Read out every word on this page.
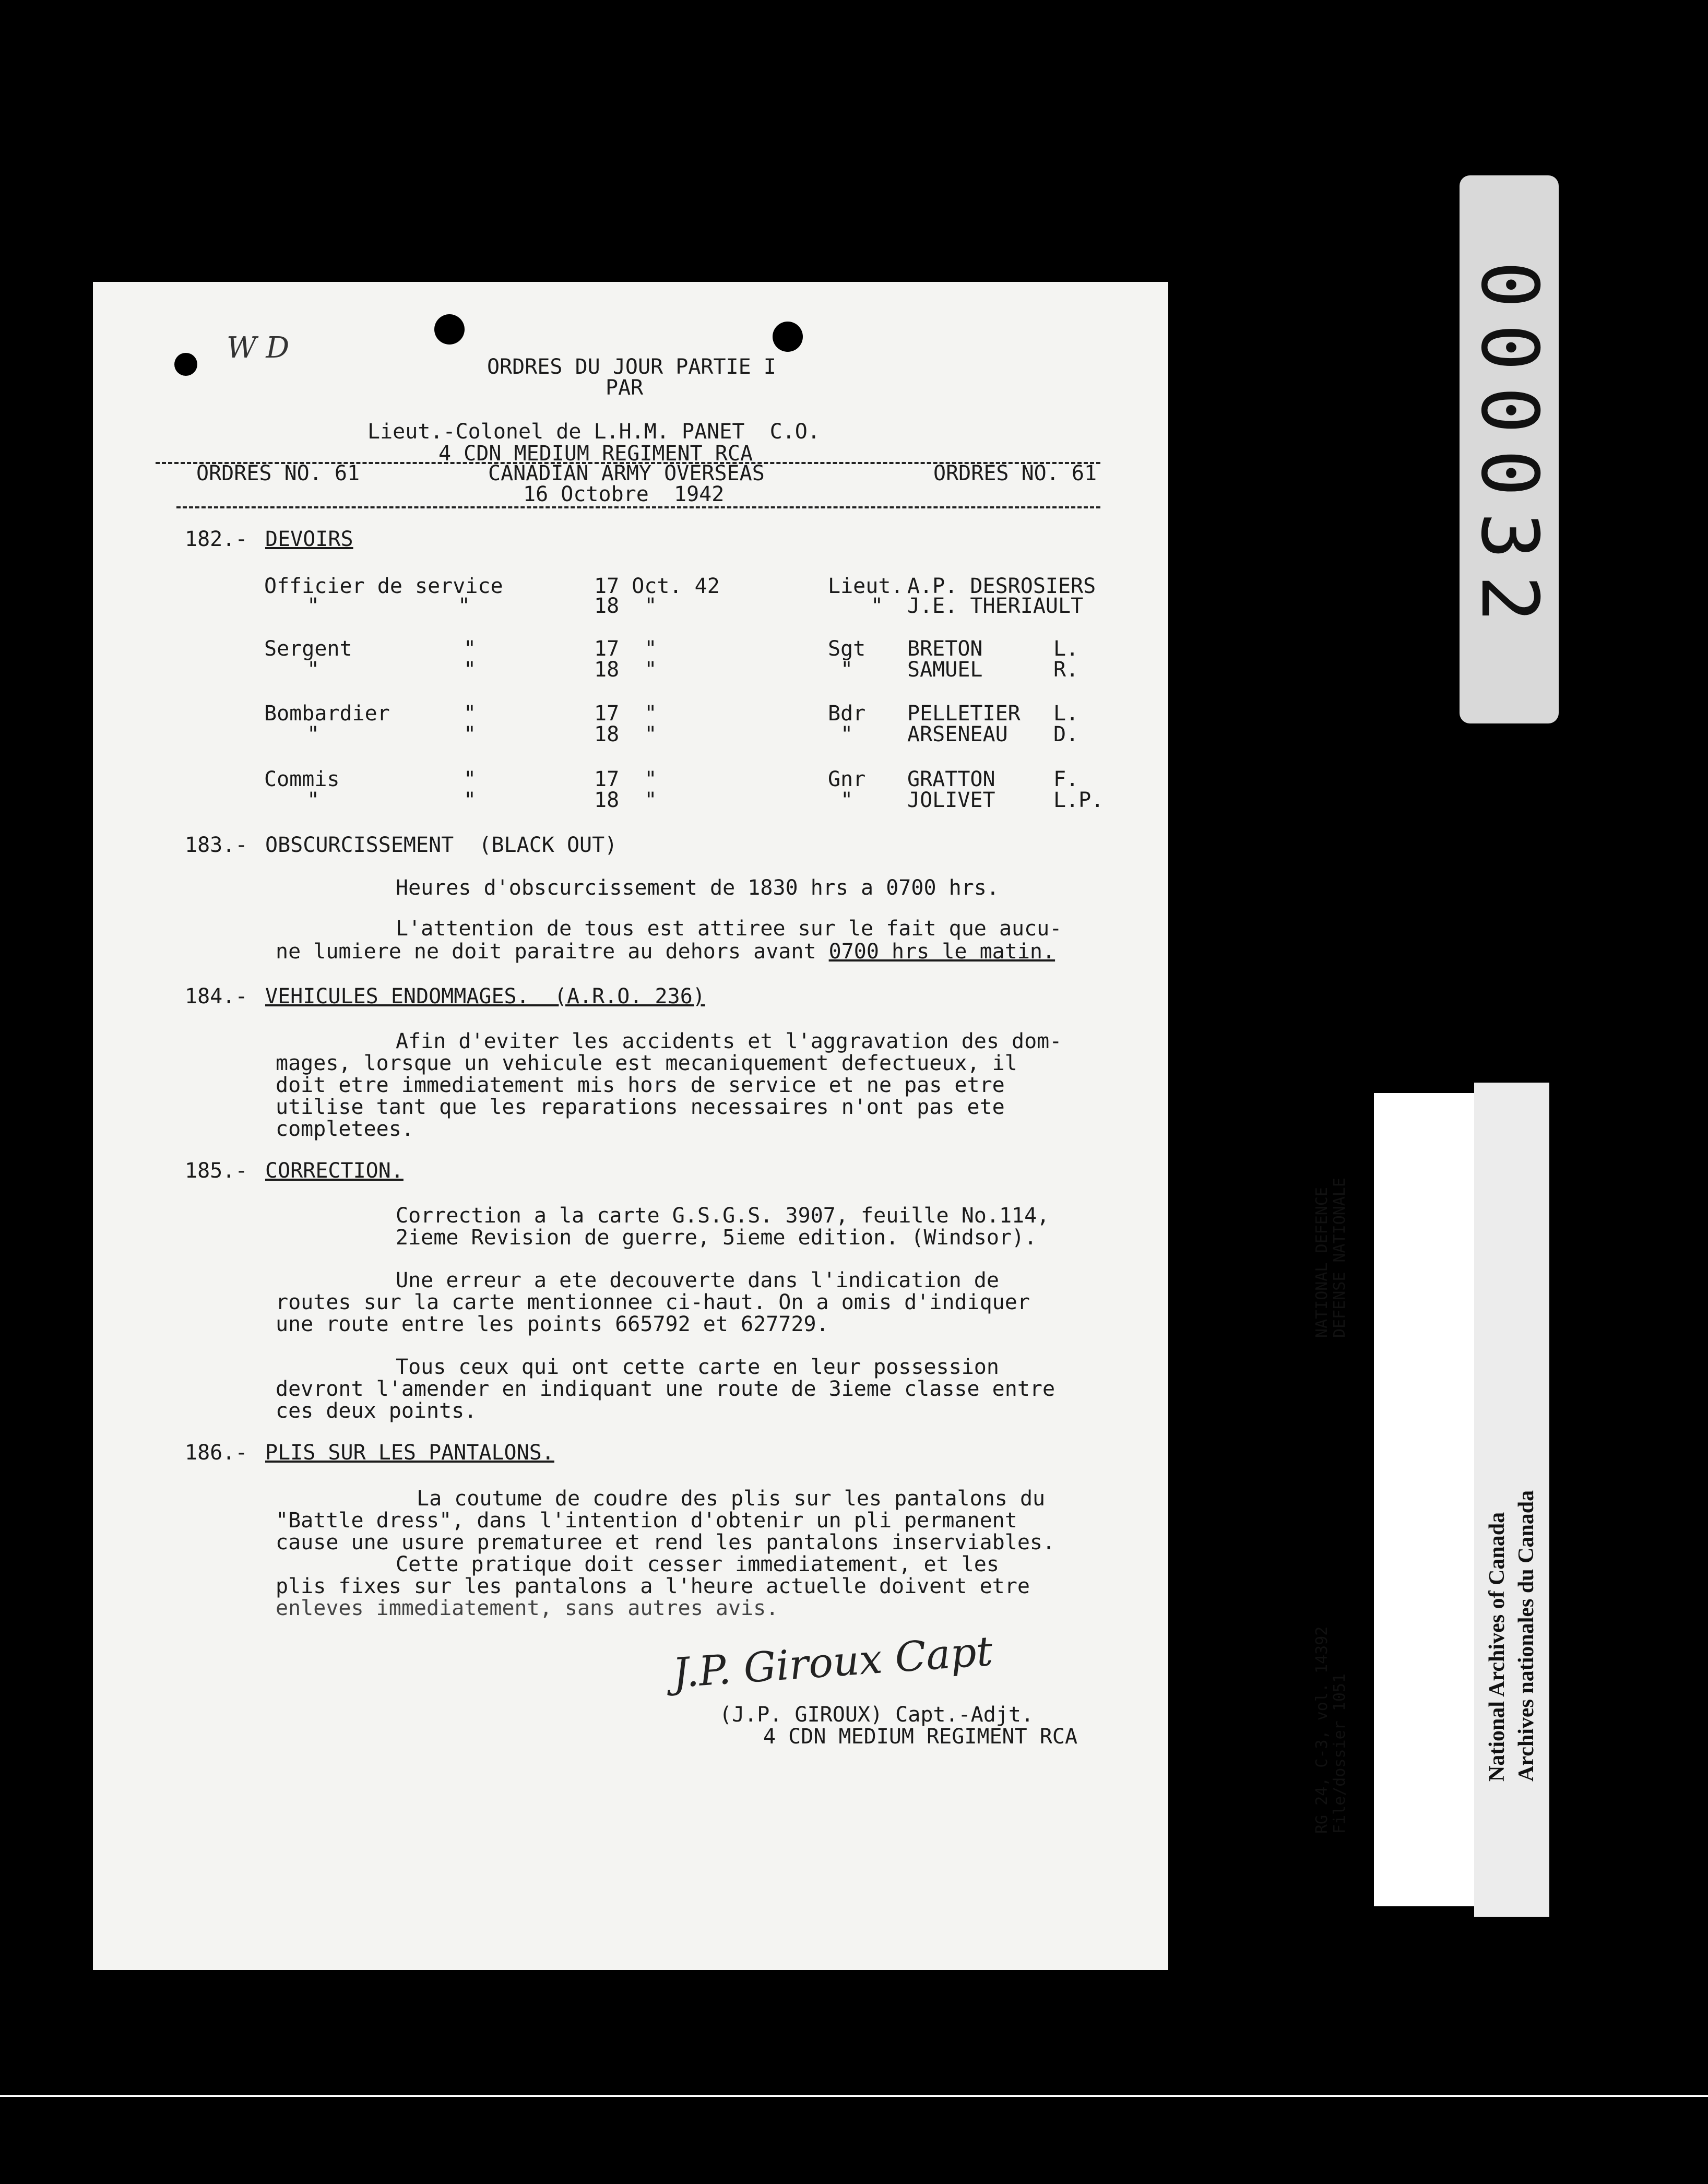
W D
ORDRES DU JOUR PARTIE I
PAR
Lieut.-Colonel de L.H.M. PANET  C.O.
4 CDN MEDIUM REGIMENT RCA
ORDRES NO. 61	CANADIAN ARMY OVERSEAS	ORDRES NO. 61
16 Octobre  1942
182.- DEVOIRS
Officier de service	17 Oct. 42	Lieut. A.P. DESROSIERS
"           "	18  "	" J.E. THERIAULT
Sergent	"	17  "	Sgt BRETON	L.
"	"	18  "	"	SAMUEL	R.
Bombardier	"	17  "	Bdr PELLETIER L.
"	"	18  "	"	ARSENEAU D.
Commis	"	17  "	Gnr GRATTON	F.
"	"	18  "	"	JOLIVET	L.P.
183.- OBSCURCISSEMENT  (BLACK OUT)
Heures d'obscurcissement de 1830 hrs a 0700 hrs.
L'attention de tous est attiree sur le fait que aucu-
ne lumiere ne doit paraitre au dehors avant 0700 hrs le matin.
184.- VEHICULES ENDOMMAGES.  (A.R.O. 236)
Afin d'eviter les accidents et l'aggravation des dom-
mages, lorsque un vehicule est mecaniquement defectueux, il
doit etre immediatement mis hors de service et ne pas etre
utilise tant que les reparations necessaires n'ont pas ete
completees.
185.- CORRECTION.
Correction a la carte G.S.G.S. 3907, feuille No.114,
2ieme Revision de guerre, 5ieme edition. (Windsor).
Une erreur a ete decouverte dans l'indication de
routes sur la carte mentionnee ci-haut. On a omis d'indiquer
une route entre les points 665792 et 627729.
Tous ceux qui ont cette carte en leur possession
devront l'amender en indiquant une route de 3ieme classe entre
ces deux points.
186.- PLIS SUR LES PANTALONS.
La coutume de coudre des plis sur les pantalons du
"Battle dress", dans l'intention d'obtenir un pli permanent
cause une usure prematuree et rend les pantalons inserviables.
Cette pratique doit cesser immediatement, et les
plis fixes sur les pantalons a l'heure actuelle doivent etre
enleves immediatement, sans autres avis.
J.P. Giroux Capt
(J.P. GIROUX) Capt.-Adjt.
4 CDN MEDIUM REGIMENT RCA
000032
RG 24, C-3, vol. 14392 File/dossier 1051
NATIONAL DEFENCE DEFENSE NATIONALE
National Archives of Canada Archives nationales du Canada
